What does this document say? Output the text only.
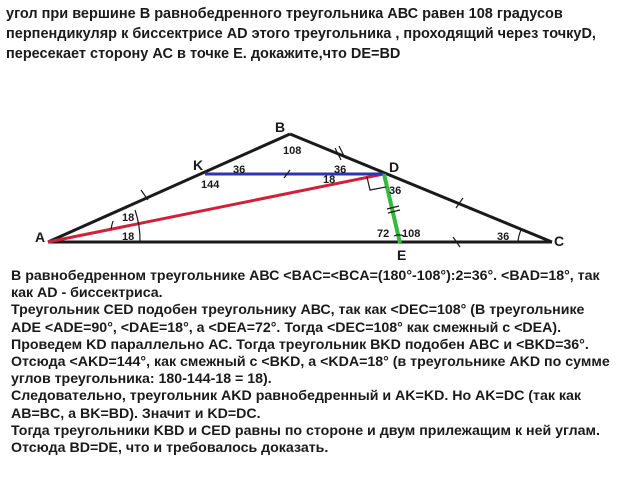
угол при вершине В равнобедренного треугольника АВС равен 108 градусов
перпендикуляр к биссектрисе AD этого треугольника , проходящий через точкуD,
пересекает сторону АС в точке Е. докажите,что DE=BD
A
B
C
D
E
K
108
36	36
144	18
36
18
18	72 108	36
В равнобедренном треугольнике АВС <BAC=<BCA=(180°-108°):2=36°. <BAD=18°, так
как AD - биссектриса.
Треугольник CED подобен треугольнику АВС, так как <DEC=108° (В треугольнике
ADE <ADE=90°, <DAE=18°, а <DEA=72°. Тогда <DEC=108° как смежный с <DEA).
Проведем KD параллельно АС. Тогда треугольник BKD подобен ABC и <BKD=36°.
Отсюда <AKD=144°, как смежный с <BKD, а <KDA=18° (в треугольнике AKD по сумме
углов треугольника: 180-144-18 = 18).
Следовательно, треугольник AKD равнобедренный и AK=KD. Но AK=DC (так как
AB=BC, а BK=BD). Значит и KD=DC.
Тогда треугольники KBD и CED равны по стороне и двум прилежащим к ней углам.
Отсюда BD=DE, что и требовалось доказать.
